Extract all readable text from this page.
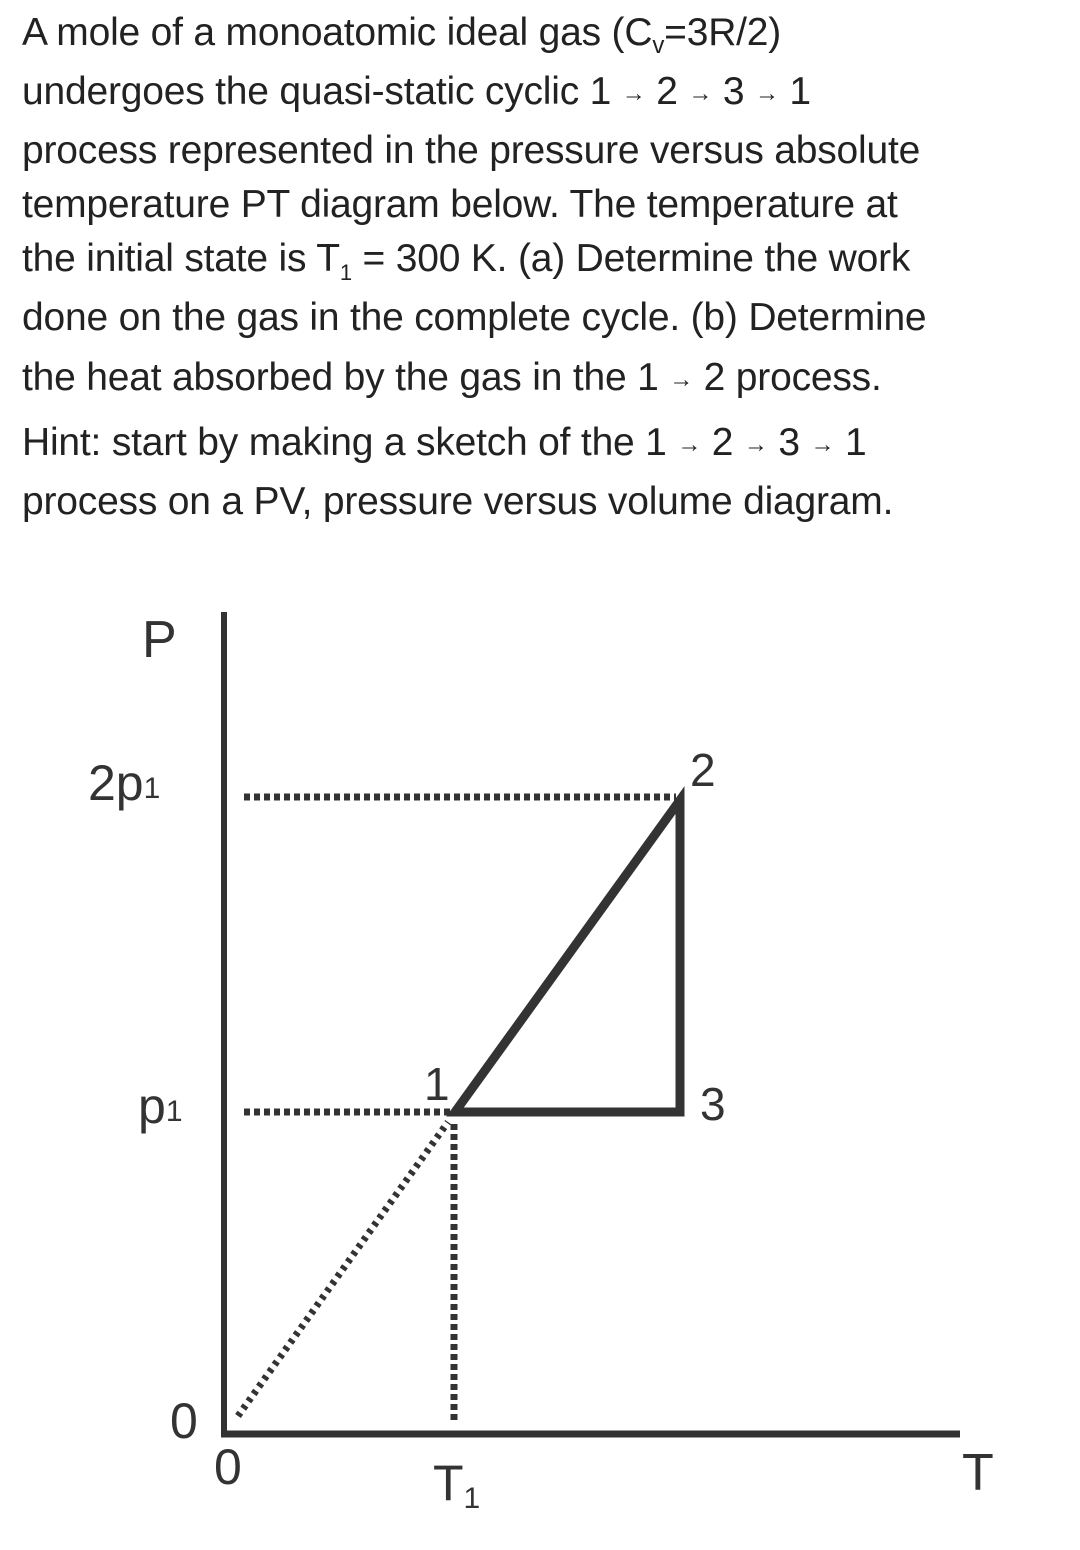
A mole of a monoatomic ideal gas $(C_v=3R/2)$
undergoes the quasi-static cyclic 1 → 2 → 3 → 1
process represented in the pressure versus absolute
temperature PT diagram below. The temperature at
the initial state is $T_1 = 300$ K. (a) Determine the work
done on the gas in the complete cycle. (b) Determine
the heat absorbed by the gas in the 1 → 2 process.
Hint: start by making a sketch of the 1 → 2 → 3 → 1
process on a PV, pressure versus volume diagram.
P
T
2p1
p1
0
0	T1
1
2
3
